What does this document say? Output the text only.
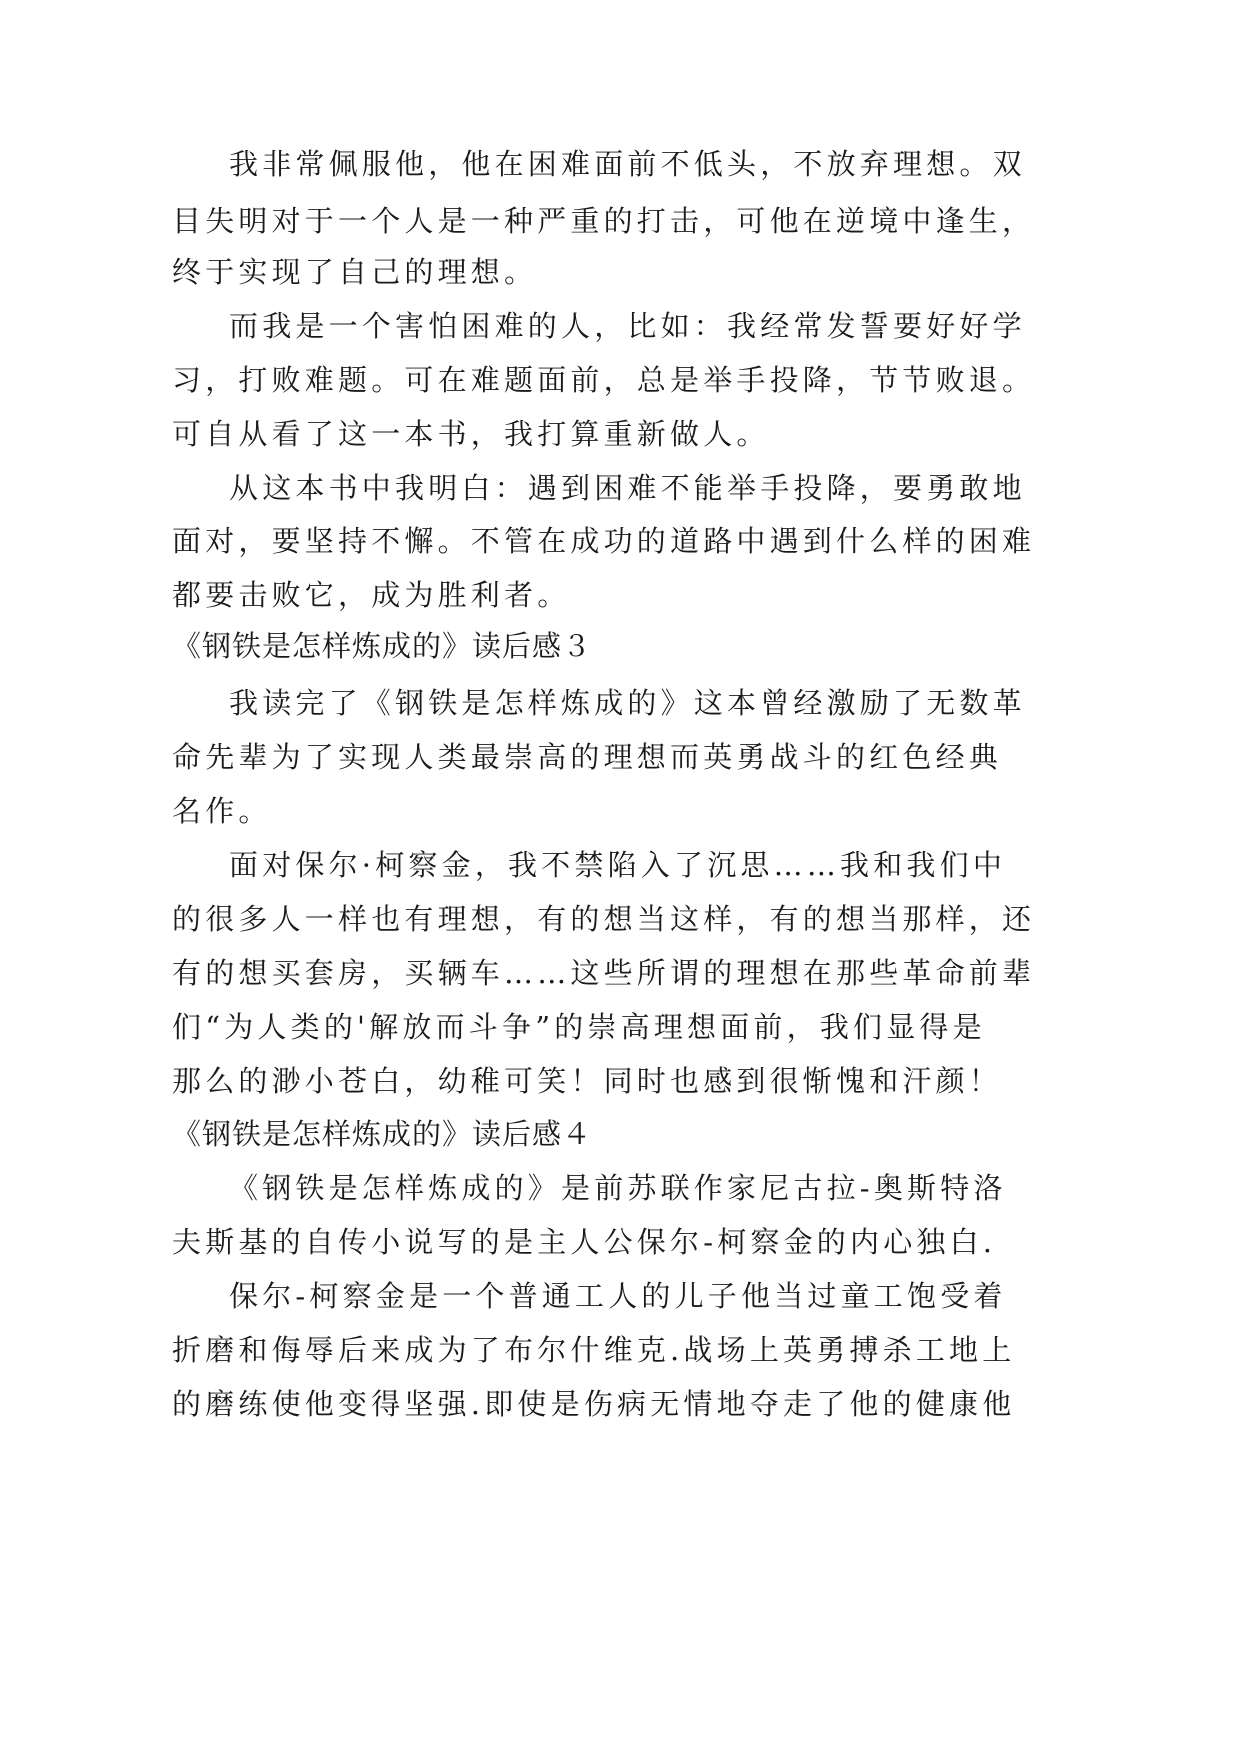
我非常佩服他，他在困难面前不低头，不放弃理想。双
目失明对于一个人是一种严重的打击，可他在逆境中逢生，
终于实现了自己的理想。
而我是一个害怕困难的人，比如：我经常发誓要好好学
习，打败难题。可在难题面前，总是举手投降，节节败退。
可自从看了这一本书，我打算重新做人。
从这本书中我明白：遇到困难不能举手投降，要勇敢地
面对，要坚持不懈。不管在成功的道路中遇到什么样的困难
都要击败它，成为胜利者。
《钢铁是怎样炼成的》读后感３
我读完了《钢铁是怎样炼成的》这本曾经激励了无数革
命先辈为了实现人类最崇高的理想而英勇战斗的红色经典
名作。
面对保尔·柯察金，我不禁陷入了沉思……我和我们中
的很多人一样也有理想，有的想当这样，有的想当那样，还
有的想买套房，买辆车……这些所谓的理想在那些革命前辈
们“为人类的'解放而斗争”的崇高理想面前，我们显得是
那么的渺小苍白，幼稚可笑！同时也感到很惭愧和汗颜！
《钢铁是怎样炼成的》读后感４
《钢铁是怎样炼成的》是前苏联作家尼古拉-奥斯特洛
夫斯基的自传小说写的是主人公保尔-柯察金的内心独白.
保尔-柯察金是一个普通工人的儿子他当过童工饱受着
折磨和侮辱后来成为了布尔什维克.战场上英勇搏杀工地上
的磨练使他变得坚强.即使是伤病无情地夺走了他的健康他
